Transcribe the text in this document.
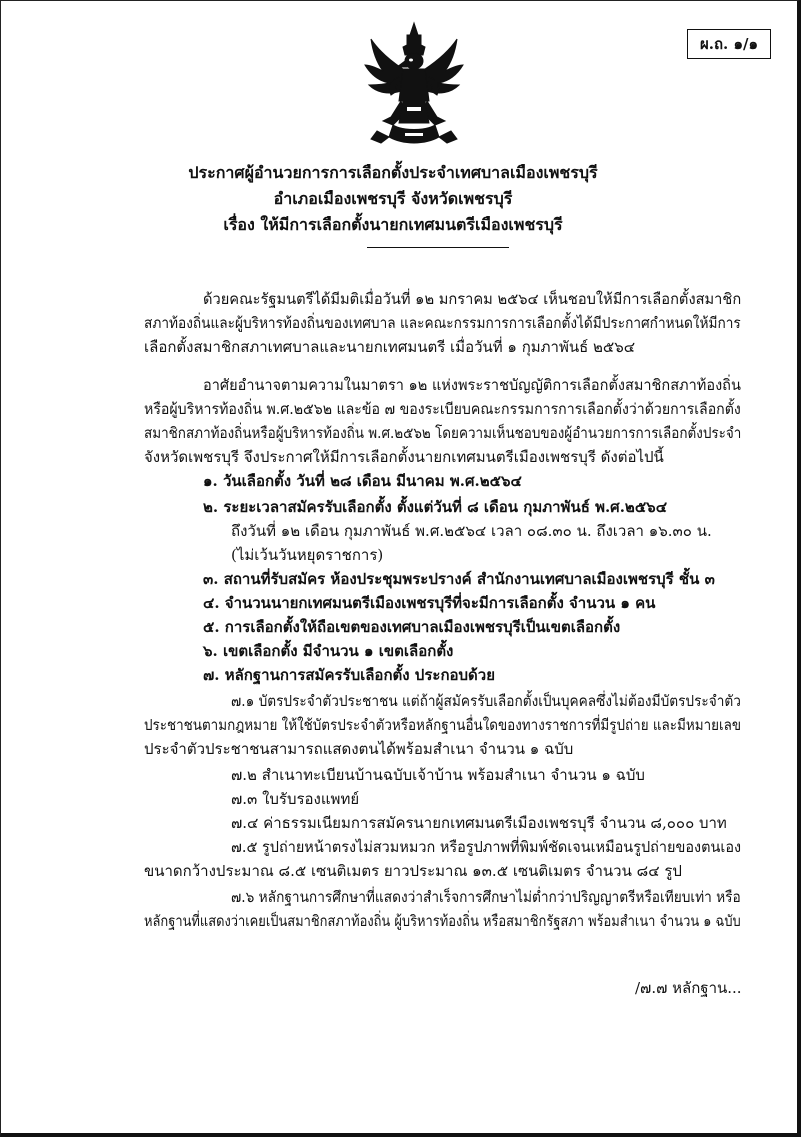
ผ.ถ. ๑/๑
ประกาศผู้อำนวยการการเลือกตั้งประจำเทศบาลเมืองเพชรบุรี
อำเภอเมืองเพชรบุรี จังหวัดเพชรบุรี
เรื่อง ให้มีการเลือกตั้งนายกเทศมนตรีเมืองเพชรบุรี
ด้วยคณะรัฐมนตรีได้มีมติเมื่อวันที่ ๑๒ มกราคม ๒๕๖๔ เห็นชอบให้มีการเลือกตั้งสมาชิก
สภาท้องถิ่นและผู้บริหารท้องถิ่นของเทศบาล และคณะกรรมการการเลือกตั้งได้มีประกาศกำหนดให้มีการ
เลือกตั้งสมาชิกสภาเทศบาลและนายกเทศมนตรี เมื่อวันที่ ๑ กุมภาพันธ์ ๒๕๖๔
อาศัยอำนาจตามความในมาตรา ๑๒ แห่งพระราชบัญญัติการเลือกตั้งสมาชิกสภาท้องถิ่น
หรือผู้บริหารท้องถิ่น พ.ศ.๒๕๖๒ และข้อ ๗ ของระเบียบคณะกรรมการการเลือกตั้งว่าด้วยการเลือกตั้ง
สมาชิกสภาท้องถิ่นหรือผู้บริหารท้องถิ่น พ.ศ.๒๕๖๒ โดยความเห็นชอบของผู้อำนวยการการเลือกตั้งประจำ
จังหวัดเพชรบุรี จึงประกาศให้มีการเลือกตั้งนายกเทศมนตรีเมืองเพชรบุรี ดังต่อไปนี้
๑. วันเลือกตั้ง วันที่ ๒๘ เดือน มีนาคม พ.ศ.๒๕๖๔
๒. ระยะเวลาสมัครรับเลือกตั้ง ตั้งแต่วันที่ ๘ เดือน กุมภาพันธ์ พ.ศ.๒๕๖๔
ถึงวันที่ ๑๒ เดือน กุมภาพันธ์ พ.ศ.๒๕๖๔ เวลา ๐๘.๓๐ น. ถึงเวลา ๑๖.๓๐ น.
(ไม่เว้นวันหยุดราชการ)
๓. สถานที่รับสมัคร ห้องประชุมพระปรางค์ สำนักงานเทศบาลเมืองเพชรบุรี ชั้น ๓
๔. จำนวนนายกเทศมนตรีเมืองเพชรบุรีที่จะมีการเลือกตั้ง จำนวน ๑ คน
๕. การเลือกตั้งให้ถือเขตของเทศบาลเมืองเพชรบุรีเป็นเขตเลือกตั้ง
๖. เขตเลือกตั้ง มีจำนวน ๑ เขตเลือกตั้ง
๗. หลักฐานการสมัครรับเลือกตั้ง ประกอบด้วย
๗.๑ บัตรประจำตัวประชาชน แต่ถ้าผู้สมัครรับเลือกตั้งเป็นบุคคลซึ่งไม่ต้องมีบัตรประจำตัว
ประชาชนตามกฎหมาย ให้ใช้บัตรประจำตัวหรือหลักฐานอื่นใดของทางราชการที่มีรูปถ่าย และมีหมายเลข
ประจำตัวประชาชนสามารถแสดงตนได้พร้อมสำเนา จำนวน ๑ ฉบับ
๗.๒ สำเนาทะเบียนบ้านฉบับเจ้าบ้าน พร้อมสำเนา จำนวน ๑ ฉบับ
๗.๓ ใบรับรองแพทย์
๗.๔ ค่าธรรมเนียมการสมัครนายกเทศมนตรีเมืองเพชรบุรี จำนวน ๘,๐๐๐ บาท
๗.๕ รูปถ่ายหน้าตรงไม่สวมหมวก หรือรูปภาพที่พิมพ์ชัดเจนเหมือนรูปถ่ายของตนเอง
ขนาดกว้างประมาณ ๘.๕ เซนติเมตร ยาวประมาณ ๑๓.๕ เซนติเมตร จำนวน ๘๔ รูป
๗.๖ หลักฐานการศึกษาที่แสดงว่าสำเร็จการศึกษาไม่ต่ำกว่าปริญญาตรีหรือเทียบเท่า หรือ
หลักฐานที่แสดงว่าเคยเป็นสมาชิกสภาท้องถิ่น ผู้บริหารท้องถิ่น หรือสมาชิกรัฐสภา พร้อมสำเนา จำนวน ๑ ฉบับ
/๗.๗ หลักฐาน...
